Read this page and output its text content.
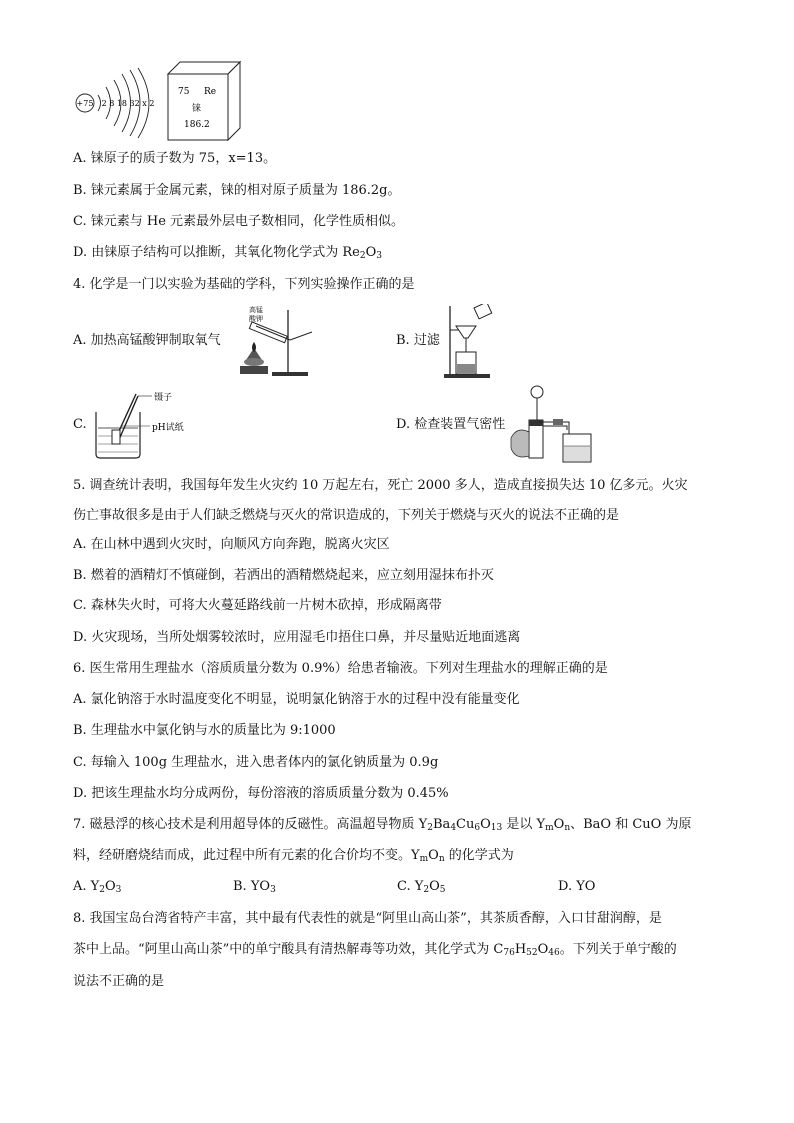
+75 2 8 18 32 x 2
75 Re
铼
186.2
A. 铼原子的质子数为 75，x=13。
B. 铼元素属于金属元素，铼的相对原子质量为 186.2g。
C. 铼元素与 He 元素最外层电子数相同，化学性质相似。
D. 由铼原子结构可以推断，其氧化物化学式为 $Re_2O_3$
4. 化学是一门以实验为基础的学科，下列实验操作正确的是
A. 加热高锰酸钾制取氧气
高锰
酸钾
B. 过滤
C.
镊子
pH试纸	D. 检查装置气密性
5. 调查统计表明，我国每年发生火灾约 10 万起左右，死亡 2000 多人，造成直接损失达 10 亿多元。火灾
伤亡事故很多是由于人们缺乏燃烧与灭火的常识造成的，下列关于燃烧与灭火的说法不正确的是
A. 在山林中遇到火灾时，向顺风方向奔跑，脱离火灾区
B. 燃着的酒精灯不慎碰倒，若洒出的酒精燃烧起来，应立刻用湿抹布扑灭
C. 森林失火时，可将大火蔓延路线前一片树木砍掉，形成隔离带
D. 火灾现场，当所处烟雾较浓时，应用湿毛巾捂住口鼻，并尽量贴近地面逃离
6. 医生常用生理盐水（溶质质量分数为 0.9%）给患者输液。下列对生理盐水的理解正确的是
A. 氯化钠溶于水时温度变化不明显，说明氯化钠溶于水的过程中没有能量变化
B. 生理盐水中氯化钠与水的质量比为 9:1000
C. 每输入 100g 生理盐水，进入患者体内的氯化钠质量为 0.9g
D. 把该生理盐水均分成两份，每份溶液的溶质质量分数为 0.45%
7. 磁悬浮的核心技术是利用超导体的反磁性。高温超导物质 $Y_2Ba_4Cu_6O_{13}$ 是以 $Y_mO_n$、BaO 和 CuO 为原
料，经研磨烧结而成，此过程中所有元素的化合价均不变。$Y_mO_n$ 的化学式为
A. $Y_2O_3$	B. $YO_3$	C. $Y_2O_5$	D. YO
8. 我国宝岛台湾省特产丰富，其中最有代表性的就是“阿里山高山茶”，其茶质香醇，入口甘甜润醇，是
茶中上品。“阿里山高山茶”中的单宁酸具有清热解毒等功效，其化学式为 $C_{76}H_{52}O_{46}$。下列关于单宁酸的
说法不正确的是
